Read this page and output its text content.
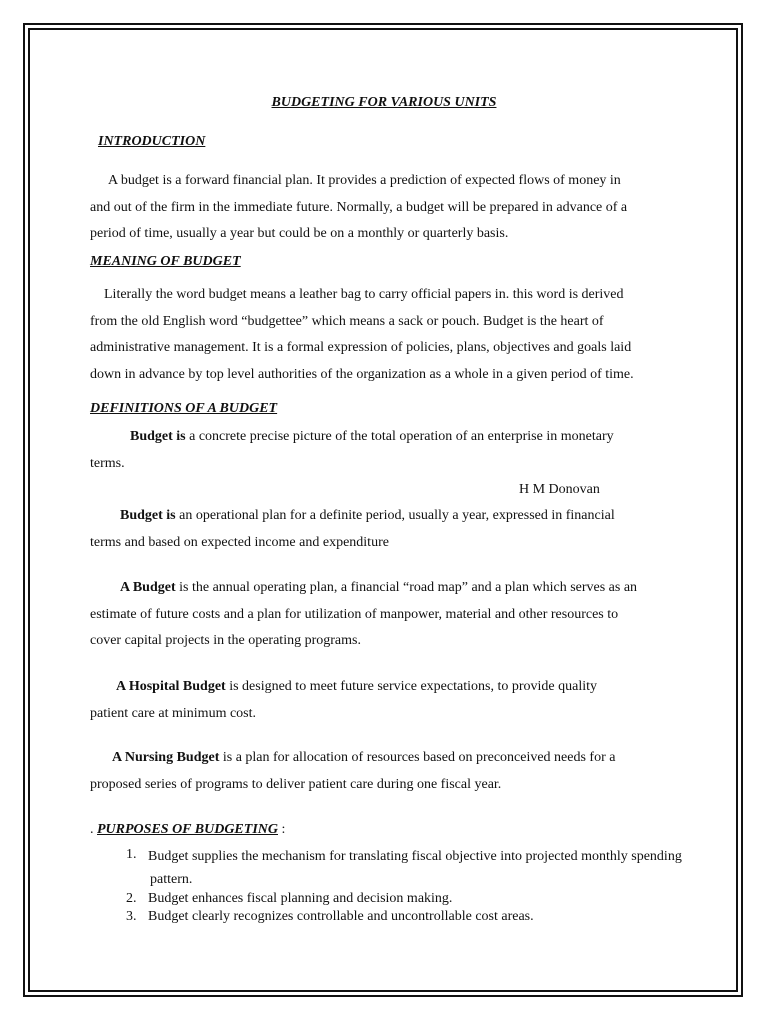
BUDGETING FOR VARIOUS UNITS
INTRODUCTION
A budget is a forward financial plan. It provides a prediction of expected flows of money in
and out of the firm in the immediate future. Normally, a budget will be prepared in advance of a
period of time, usually a year but could be on a monthly or quarterly basis.
MEANING OF BUDGET
Literally the word budget means a leather bag to carry official papers in. this word is derived
from the old English word “budgettee” which means a sack or pouch. Budget is the heart of
administrative management. It is a formal expression of policies, plans, objectives and goals laid
down in advance by top level authorities of the organization as a whole in a given period of time.
DEFINITIONS OF A BUDGET
Budget is a concrete precise picture of the total operation of an enterprise in monetary
terms.
H M Donovan
Budget is an operational plan for a definite period, usually a year, expressed in financial
terms and based on expected income and expenditure
A Budget is the annual operating plan, a financial “road map” and a plan which serves as an
estimate of future costs and a plan for utilization of manpower, material and other resources to
cover capital projects in the operating programs.
A Hospital Budget is designed to meet future service expectations, to provide quality
patient care at minimum cost.
A Nursing Budget is a plan for allocation of resources based on preconceived needs for a
proposed series of programs to deliver patient care during one fiscal year.
. PURPOSES OF BUDGETING :
1. Budget supplies the mechanism for translating fiscal objective into projected monthly spending
pattern.
2. Budget enhances fiscal planning and decision making.
3. Budget clearly recognizes controllable and uncontrollable cost areas.
